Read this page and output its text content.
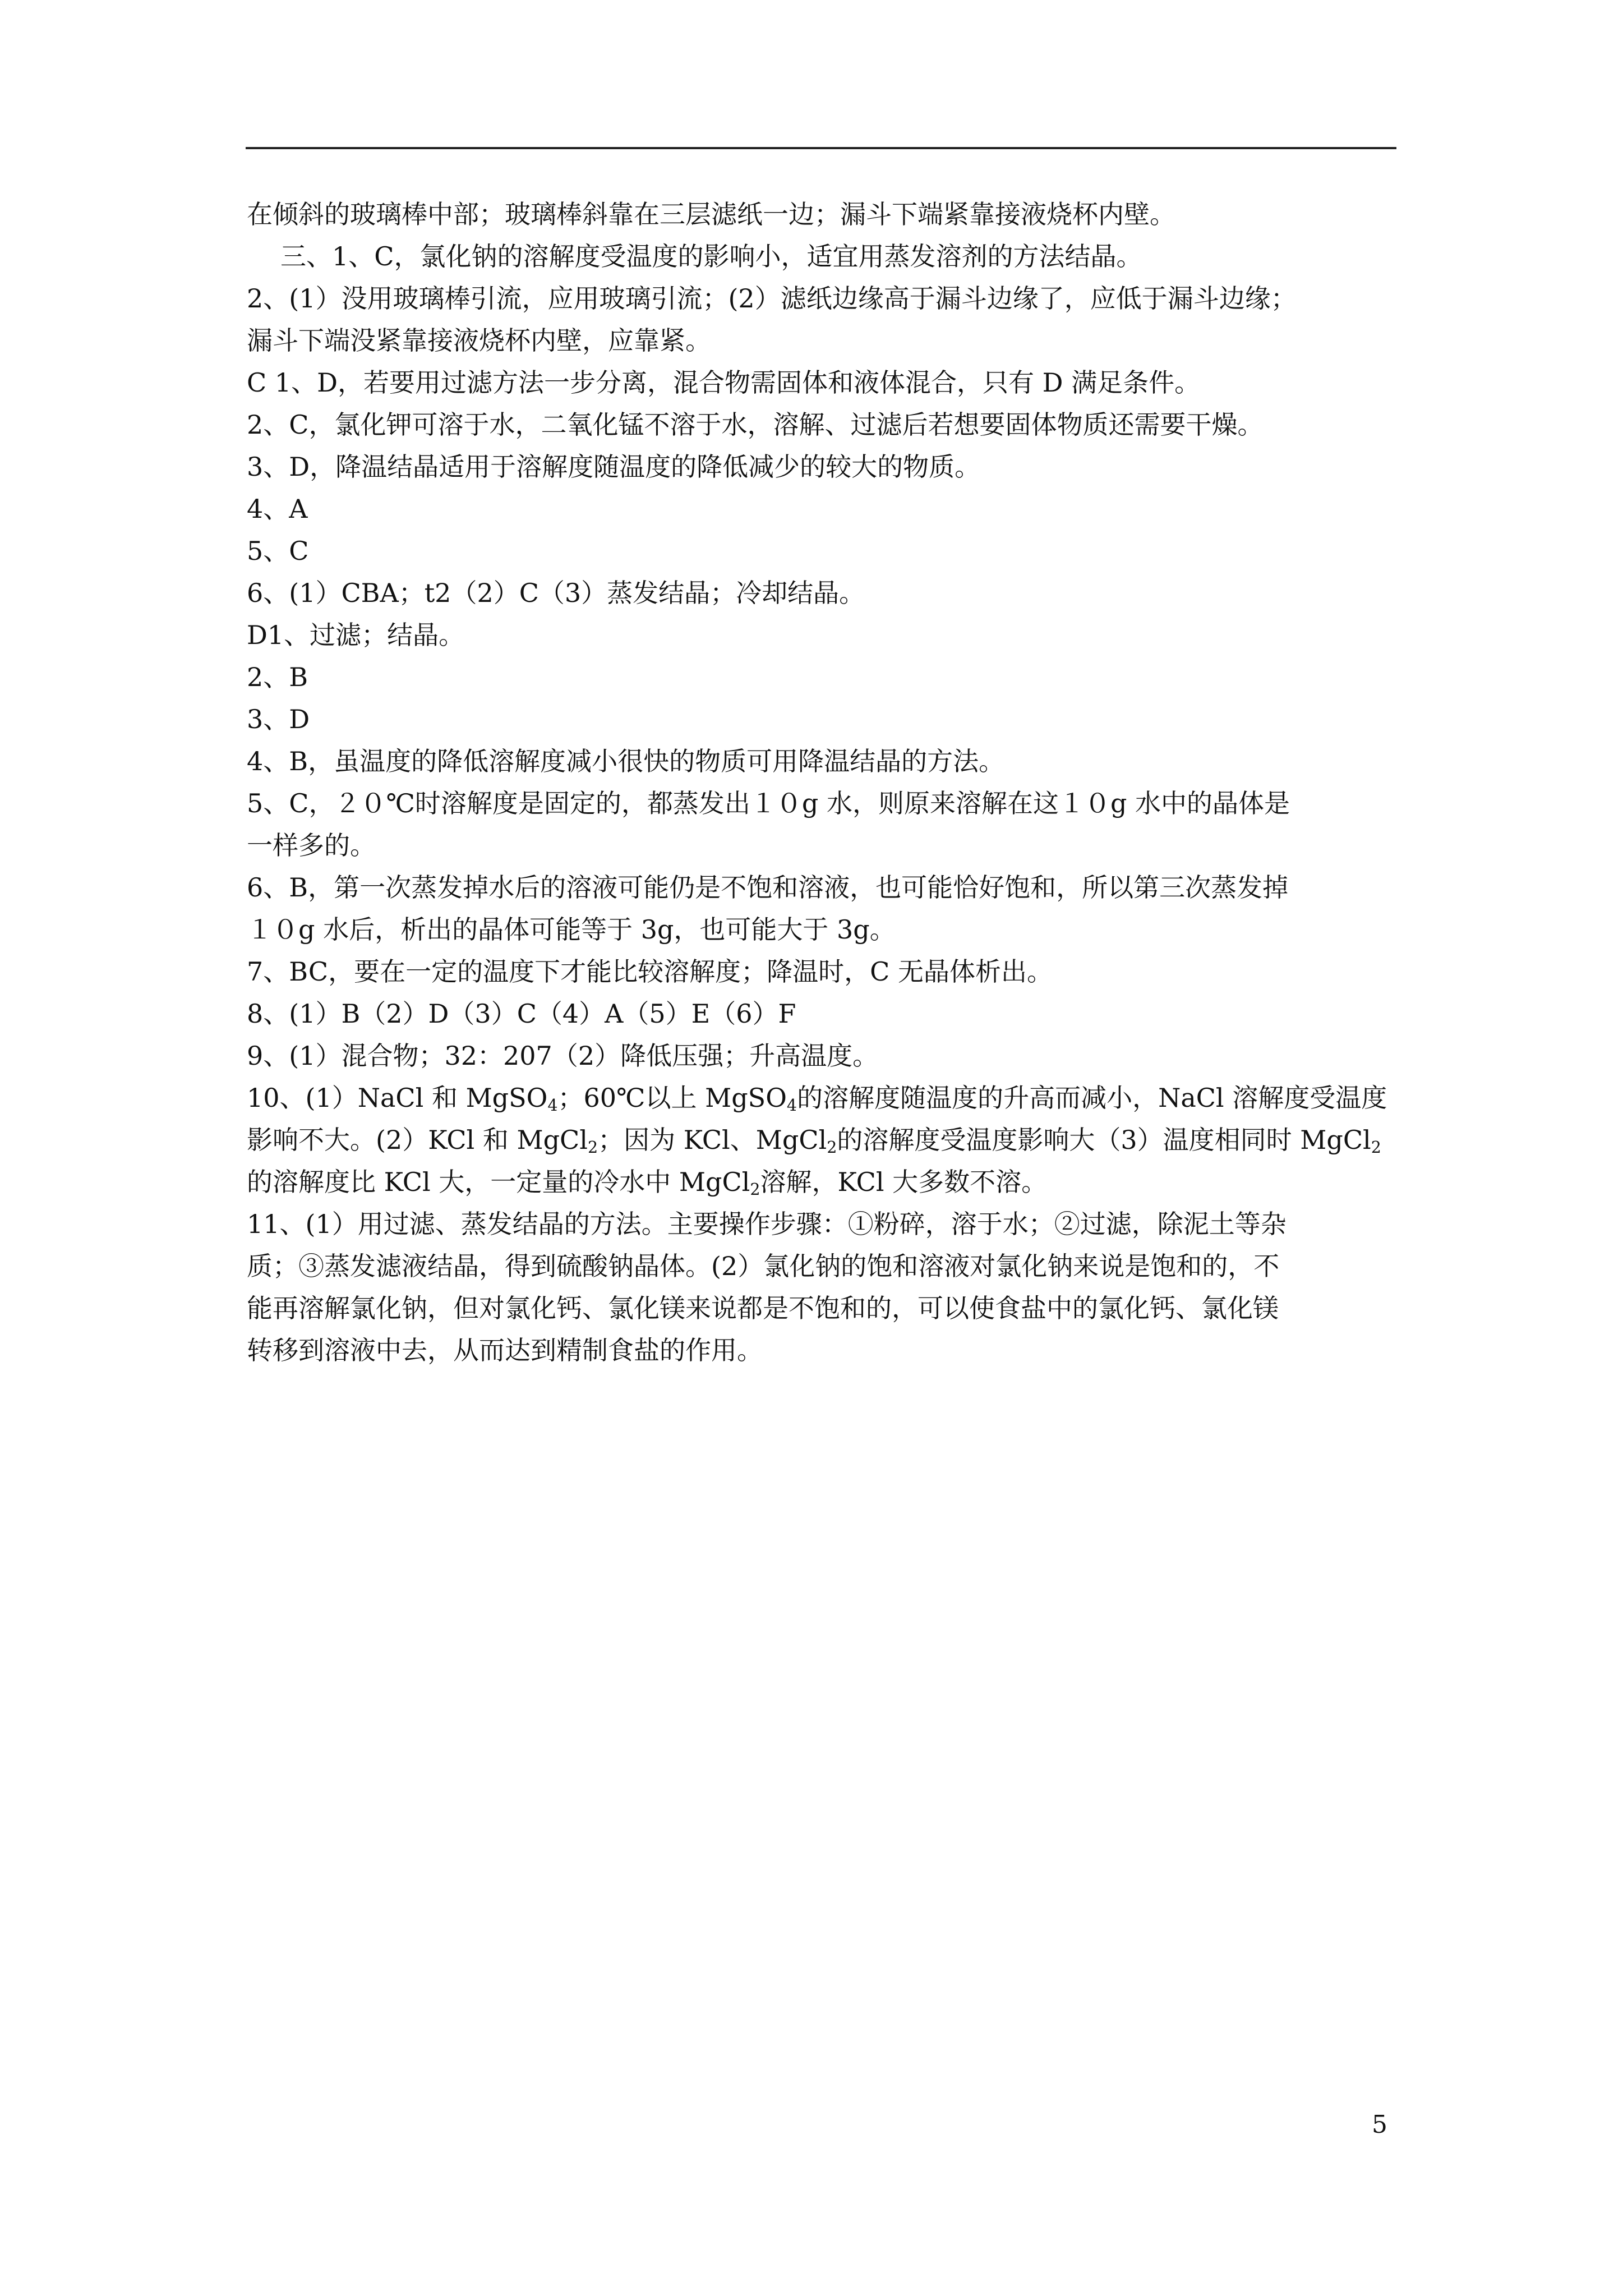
在倾斜的玻璃棒中部；玻璃棒斜靠在三层滤纸一边；漏斗下端紧靠接液烧杯内壁。
三、1、C，氯化钠的溶解度受温度的影响小，适宜用蒸发溶剂的方法结晶。
2、(1）没用玻璃棒引流，应用玻璃引流；(2）滤纸边缘高于漏斗边缘了，应低于漏斗边缘；
漏斗下端没紧靠接液烧杯内壁，应靠紧。
C 1、D，若要用过滤方法一步分离，混合物需固体和液体混合，只有 D 满足条件。
2、C，氯化钾可溶于水，二氧化锰不溶于水，溶解、过滤后若想要固体物质还需要干燥。
3、D，降温结晶适用于溶解度随温度的降低减少的较大的物质。
4、A
5、C
6、(1）CBA；t2（2）C（3）蒸发结晶；冷却结晶。
D1、过滤；结晶。
2、B
3、D
4、B，虽温度的降低溶解度减小很快的物质可用降温结晶的方法。
5、C，２０℃时溶解度是固定的，都蒸发出１０g 水，则原来溶解在这１０g 水中的晶体是
一样多的。
6、B，第一次蒸发掉水后的溶液可能仍是不饱和溶液，也可能恰好饱和，所以第三次蒸发掉
１０g 水后，析出的晶体可能等于 3g，也可能大于 3g。
7、BC，要在一定的温度下才能比较溶解度；降温时，C 无晶体析出。
8、(1）B（2）D（3）C（4）A（5）E（6）F
9、(1）混合物；32：207（2）降低压强；升高温度。
10、(1）NaCl 和 MgSO$_4$；60℃以上 MgSO$_4$的溶解度随温度的升高而减小，NaCl 溶解度受温度
影响不大。(2）KCl 和 MgCl$_2$；因为 KCl、MgCl$_2$的溶解度受温度影响大（3）温度相同时 MgCl$_2$
的溶解度比 KCl 大，一定量的冷水中 MgCl$_2$溶解，KCl 大多数不溶。
11、(1）用过滤、蒸发结晶的方法。主要操作步骤：①粉碎，溶于水；②过滤，除泥土等杂
质；③蒸发滤液结晶，得到硫酸钠晶体。(2）氯化钠的饱和溶液对氯化钠来说是饱和的，不
能再溶解氯化钠，但对氯化钙、氯化镁来说都是不饱和的，可以使食盐中的氯化钙、氯化镁
转移到溶液中去，从而达到精制食盐的作用。
5
